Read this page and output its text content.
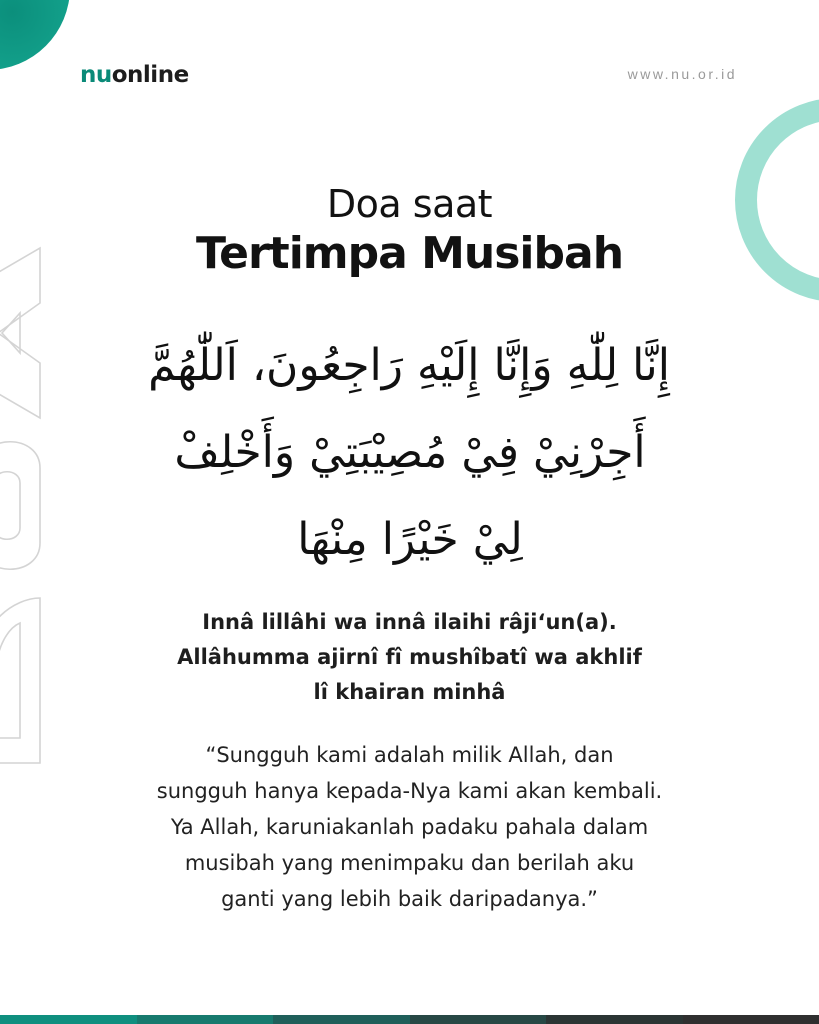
nu online	www.nu.or.id
Doa saat
Tertimpa Musibah
إِنَّا لِلّٰهِ وَإِنَّا إِلَيْهِ رَاجِعُونَ، اَللّٰهُمَّ
أَجِرْنِيْ فِيْ مُصِيْبَتِيْ وَأَخْلِفْ
لِيْ خَيْرًا مِنْهَا
Innâ lillâhi wa innâ ilaihi râji‘un(a).
Allâhumma ajirnî fî mushîbatî wa akhlif
lî khairan minhâ
“Sungguh kami adalah milik Allah, dan
sungguh hanya kepada-Nya kami akan kembali.
Ya Allah, karuniakanlah padaku pahala dalam
musibah yang menimpaku dan berilah aku
ganti yang lebih baik daripadanya.”
